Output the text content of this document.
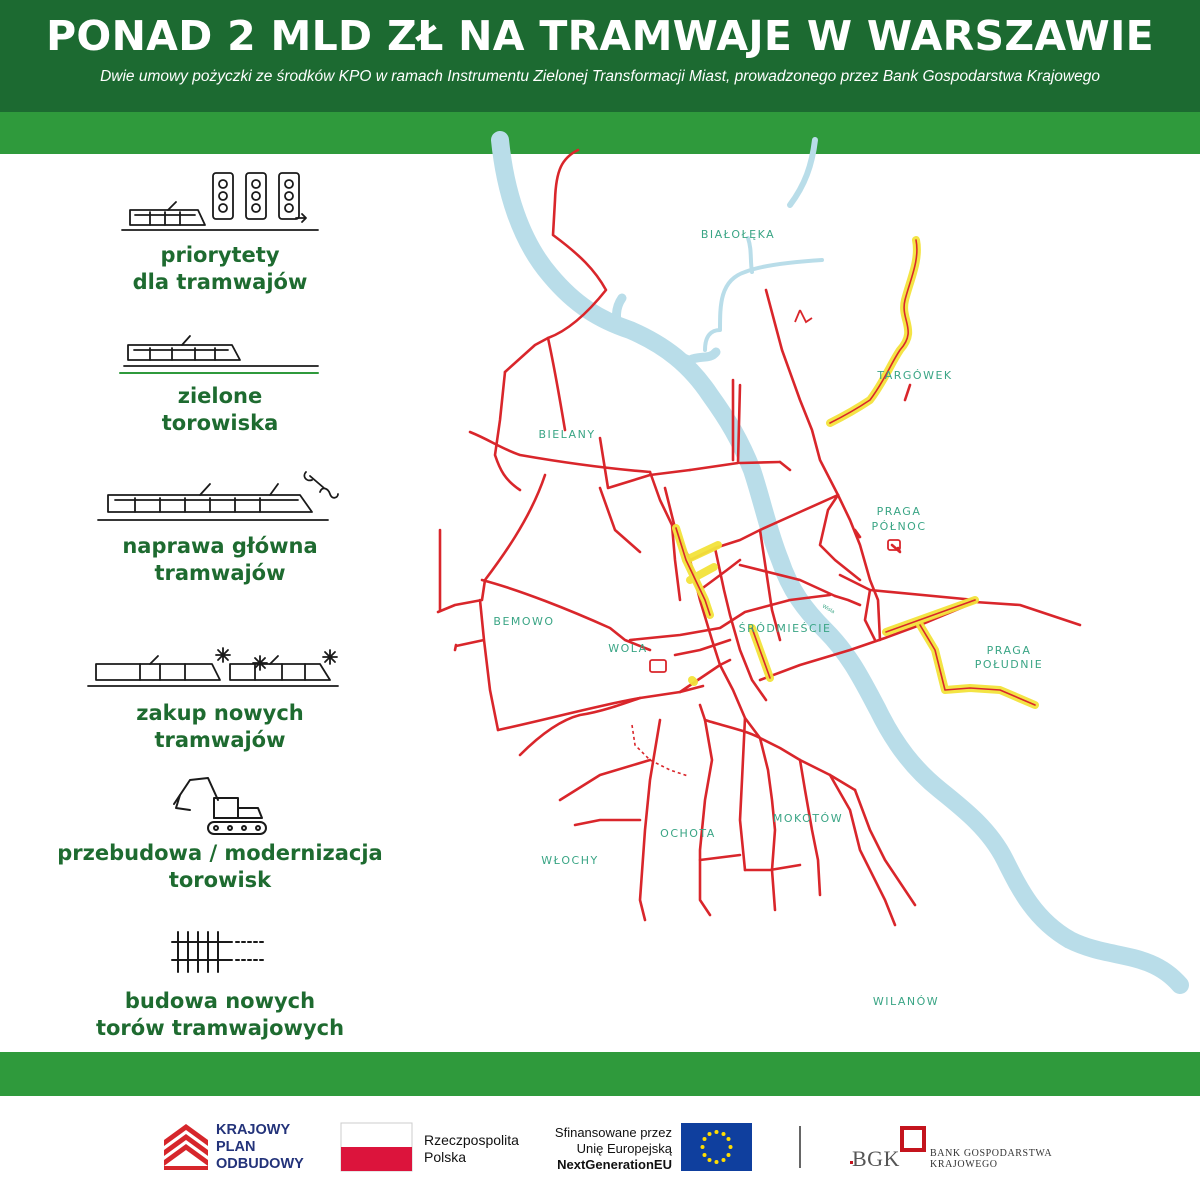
PONAD 2 MLD ZŁ NA TRAMWAJE W WARSZAWIE
Dwie umowy pożyczki ze środków KPO w ramach Instrumentu Zielonej Transformacji Miast, prowadzonego przez Bank Gospodarstwa Krajowego
BIAŁOŁĘKA
TARGÓWEK
BIELANY
PRAGA
PÓŁNOC
BEMOWO
WOLA
ŚRÓDMIEŚCIE
PRAGA
POŁUDNIE
OCHOTA
MOKOTÓW
WŁOCHY
WILANÓW
Wisła
priorytety
dla tramwajów
zielone
torowiska
naprawa główna
tramwajów
zakup nowych
tramwajów
przebudowa / modernizacja
torowisk
budowa nowych
torów tramwajowych
KRAJOWY
PLAN
ODBUDOWY
Rzeczpospolita
Polska
Sfinansowane przez
Unię Europejską
NextGenerationEU	BGK	BANK GOSPODARSTWA
KRAJOWEGO
